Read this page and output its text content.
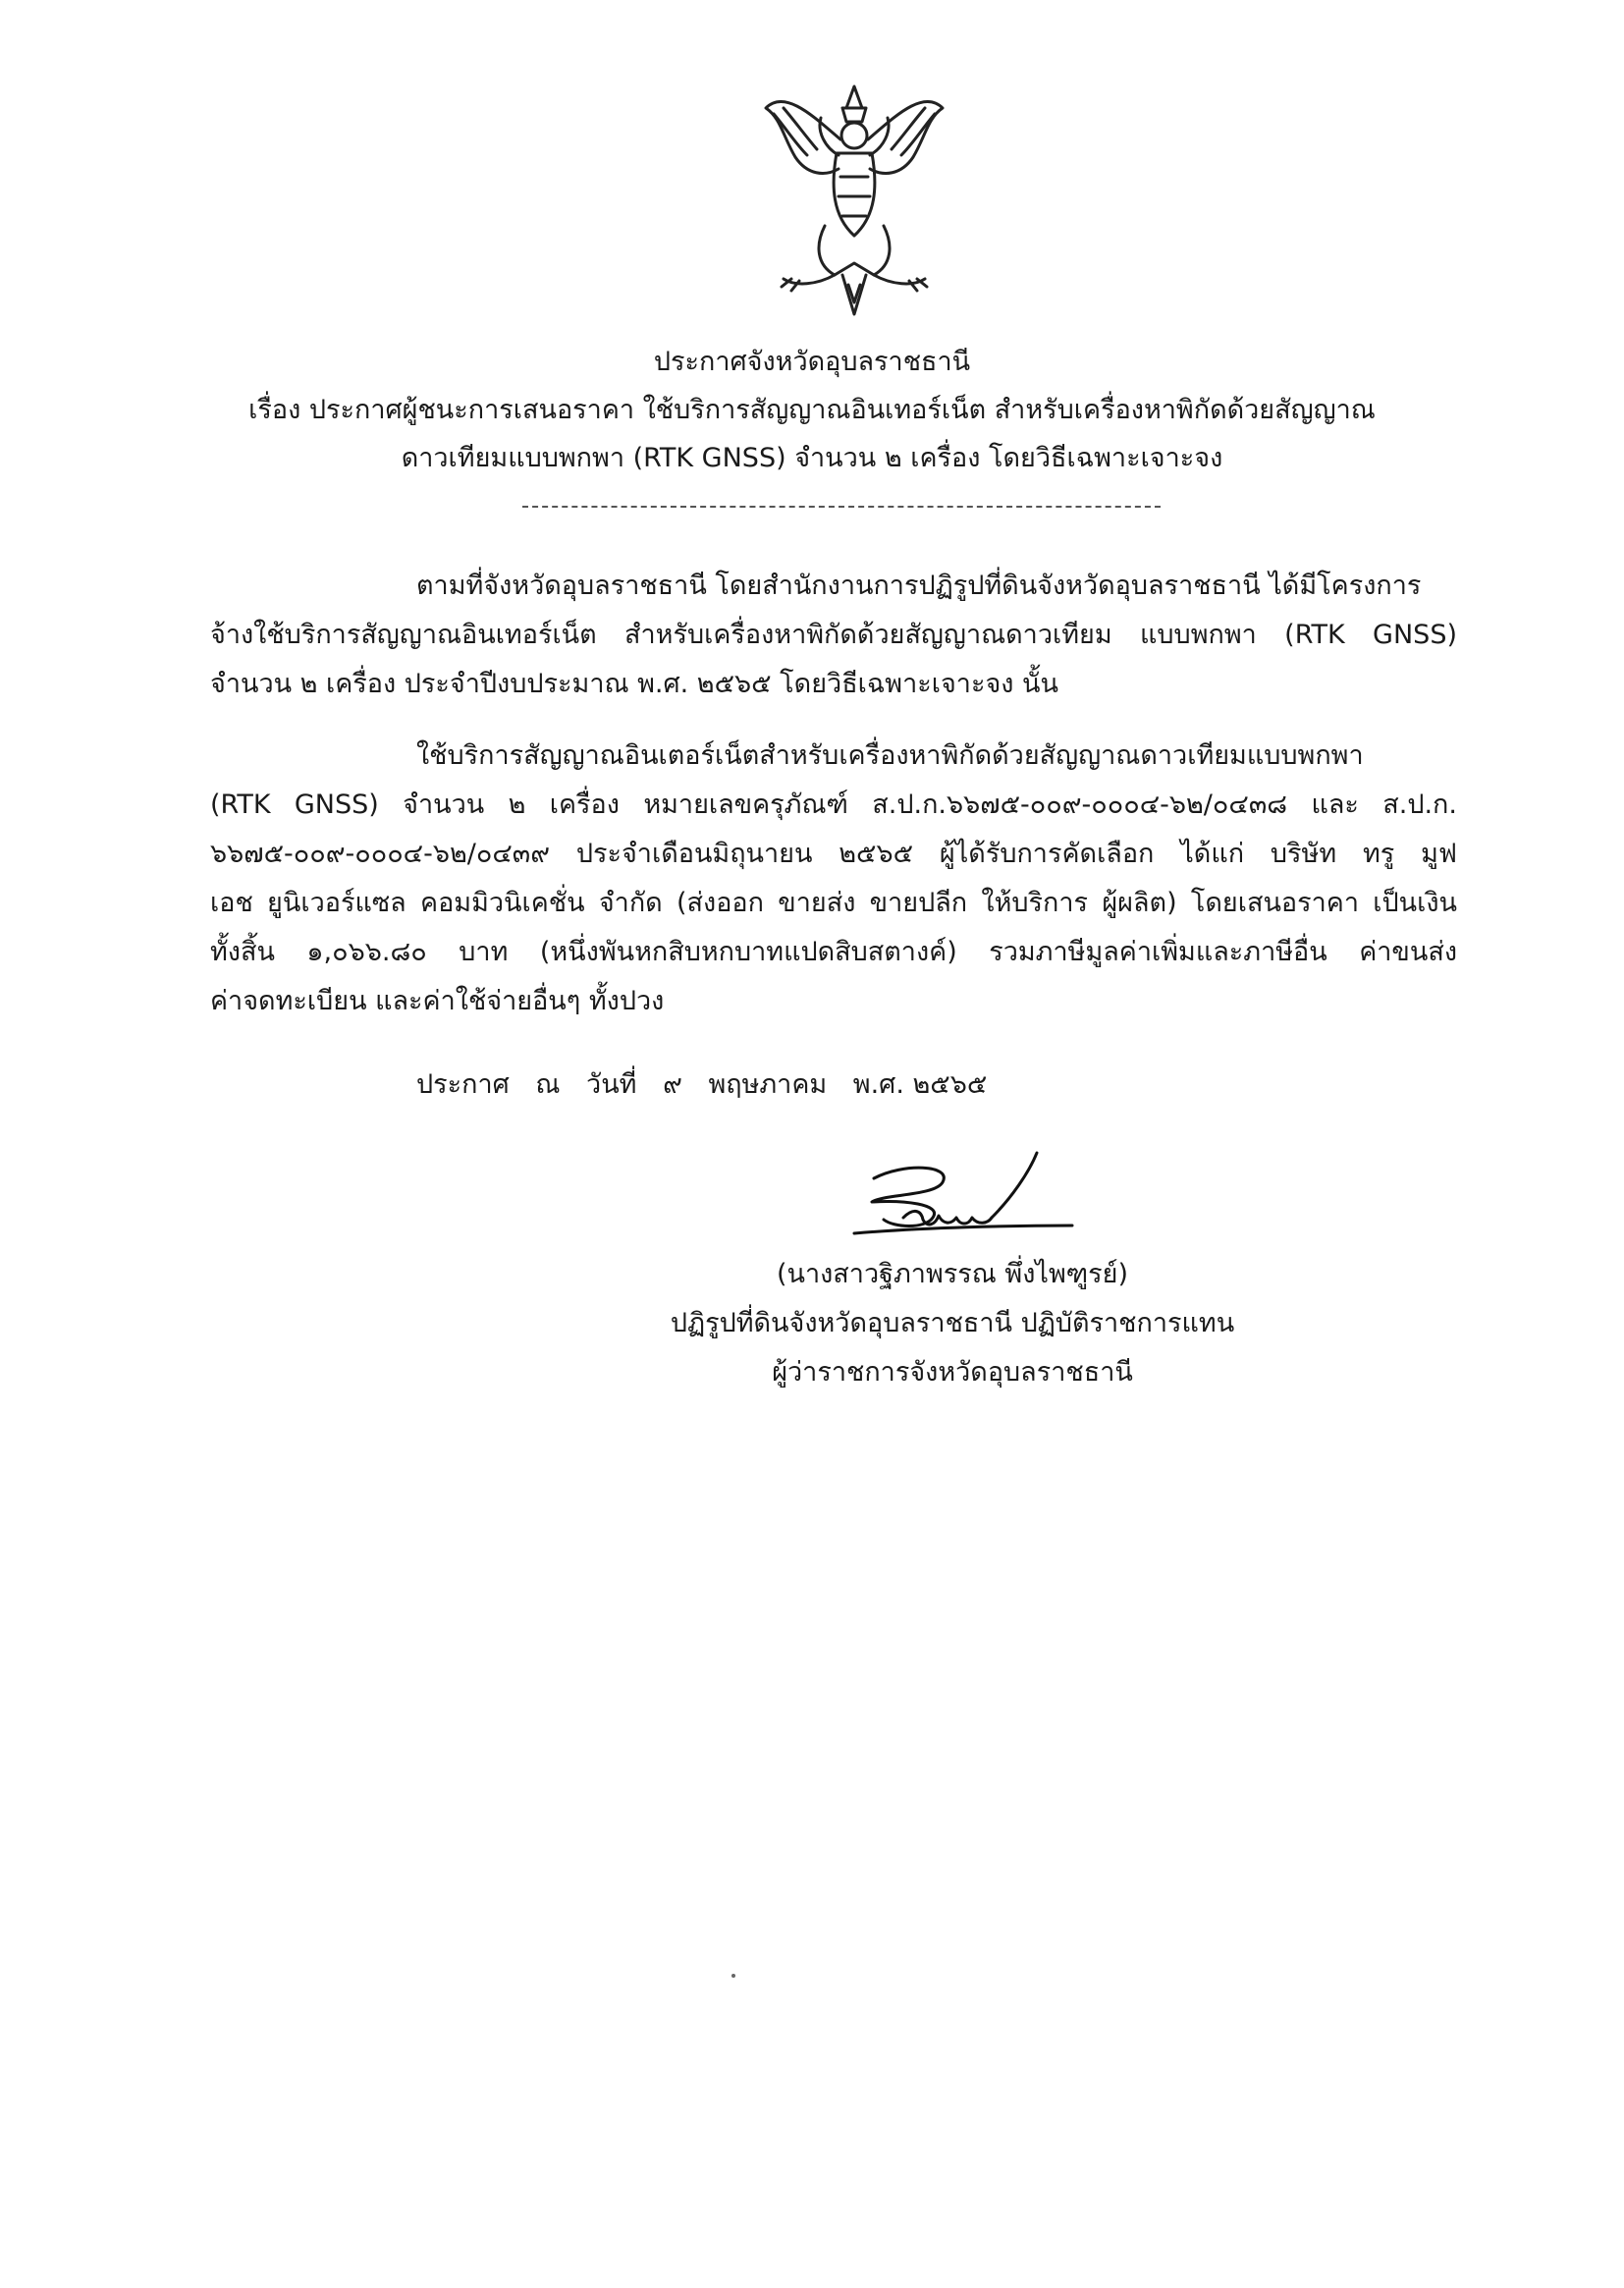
ประกาศจังหวัดอุบลราชธานี
เรื่อง ประกาศผู้ชนะการเสนอราคา ใช้บริการสัญญาณอินเทอร์เน็ต สำหรับเครื่องหาพิกัดด้วยสัญญาณ
ดาวเทียมแบบพกพา (RTK GNSS) จำนวน ๒ เครื่อง โดยวิธีเฉพาะเจาะจง
ตามที่จังหวัดอุบลราชธานี โดยสำนักงานการปฏิรูปที่ดินจังหวัดอุบลราชธานี ได้มีโครงการ
จ้างใช้บริการสัญญาณอินเทอร์เน็ต สำหรับเครื่องหาพิกัดด้วยสัญญาณดาวเทียม แบบพกพา (RTK GNSS)
จำนวน ๒ เครื่อง ประจำปีงบประมาณ พ.ศ. ๒๕๖๕ โดยวิธีเฉพาะเจาะจง นั้น
ใช้บริการสัญญาณอินเตอร์เน็ตสำหรับเครื่องหาพิกัดด้วยสัญญาณดาวเทียมแบบพกพา
(RTK GNSS) จำนวน ๒ เครื่อง หมายเลขครุภัณฑ์ ส.ป.ก.๖๖๗๕-๐๐๙-๐๐๐๔-๖๒/๐๔๓๘ และ ส.ป.ก.
๖๖๗๕-๐๐๙-๐๐๐๔-๖๒/๐๔๓๙ ประจำเดือนมิถุนายน ๒๕๖๕ ผู้ได้รับการคัดเลือก ได้แก่ บริษัท ทรู มูฟ
เอช ยูนิเวอร์แซล คอมมิวนิเคชั่น จำกัด (ส่งออก ขายส่ง ขายปลีก ให้บริการ ผู้ผลิต) โดยเสนอราคา เป็นเงิน
ทั้งสิ้น ๑,๐๖๖.๘๐ บาท (หนึ่งพันหกสิบหกบาทแปดสิบสตางค์) รวมภาษีมูลค่าเพิ่มและภาษีอื่น ค่าขนส่ง
ค่าจดทะเบียน และค่าใช้จ่ายอื่นๆ ทั้งปวง
ประกาศ ณ วันที่ ๙ พฤษภาคม พ.ศ. ๒๕๖๕
(นางสาวฐิภาพรรณ พึ่งไพฑูรย์)
ปฏิรูปที่ดินจังหวัดอุบลราชธานี ปฏิบัติราชการแทน
ผู้ว่าราชการจังหวัดอุบลราชธานี
